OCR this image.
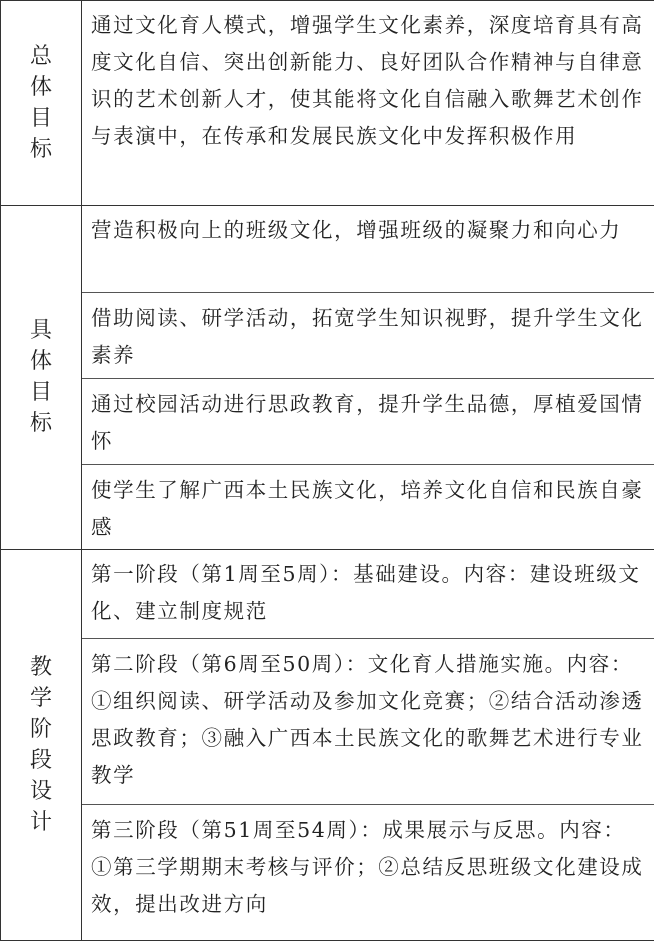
总
体
目
标
通过文化育人模式，增强学生文化素养，深度培育具有高度文化自信、突出创新能力、良好团队合作精神与自律意识的艺术创新人才，使其能将文化自信融入歌舞艺术创作与表演中，在传承和发展民族文化中发挥积极作用
具
体
目
标
营造积极向上的班级文化，增强班级的凝聚力和向心力
借助阅读、研学活动，拓宽学生知识视野，提升学生文化素养
通过校园活动进行思政教育，提升学生品德，厚植爱国情怀
使学生了解广西本土民族文化，培养文化自信和民族自豪感
教
学
阶
段
设
计
第一阶段（第1周至5周）：基础建设。内容：建设班级文化、建立制度规范
第二阶段（第6周至50周）：文化育人措施实施。内容：①组织阅读、研学活动及参加文化竞赛；②结合活动渗透思政教育；③融入广西本土民族文化的歌舞艺术进行专业教学
第三阶段（第51周至54周）：成果展示与反思。内容：①第三学期期末考核与评价；②总结反思班级文化建设成效，提出改进方向
